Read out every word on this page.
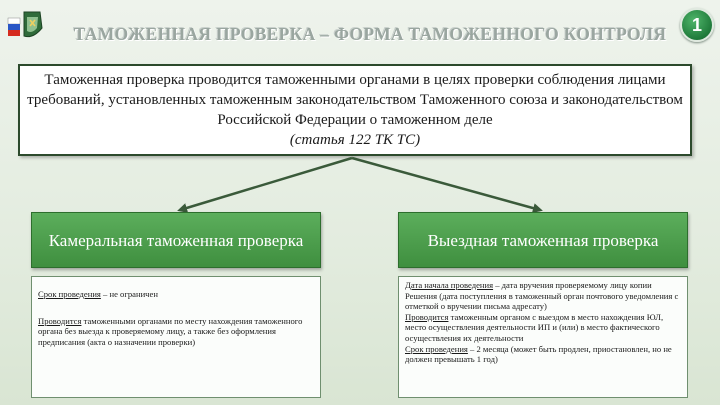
ТАМОЖЕННАЯ ПРОВЕРКА – ФОРМА ТАМОЖЕННОГО КОНТРОЛЯ	1
Таможенная проверка проводится таможенными органами в целях проверки соблюдения лицами требований, установленных таможенным законодательством Таможенного союза и законодательством Российской Федерации о таможенном деле
(статья 122 ТК ТС)
Камеральная таможенная проверка	Выездная таможенная проверка
Срок проведения – не ограничен
Проводится таможенными органами по месту нахождения таможенного органа без выезда к проверяемому лицу, а также без оформления предписания (акта о назначении проверки)
Дата начала проведения – дата вручения проверяемому лицу копии Решения (дата поступления в таможенный орган почтового уведомления с отметкой о вручении письма адресату)
Проводится таможенным органом с выездом в место нахождения ЮЛ, место осуществления деятельности ИП и (или) в место фактического осуществления их деятельности
Срок проведения – 2 месяца (может быть продлен, приостановлен, но не должен превышать 1 год)
